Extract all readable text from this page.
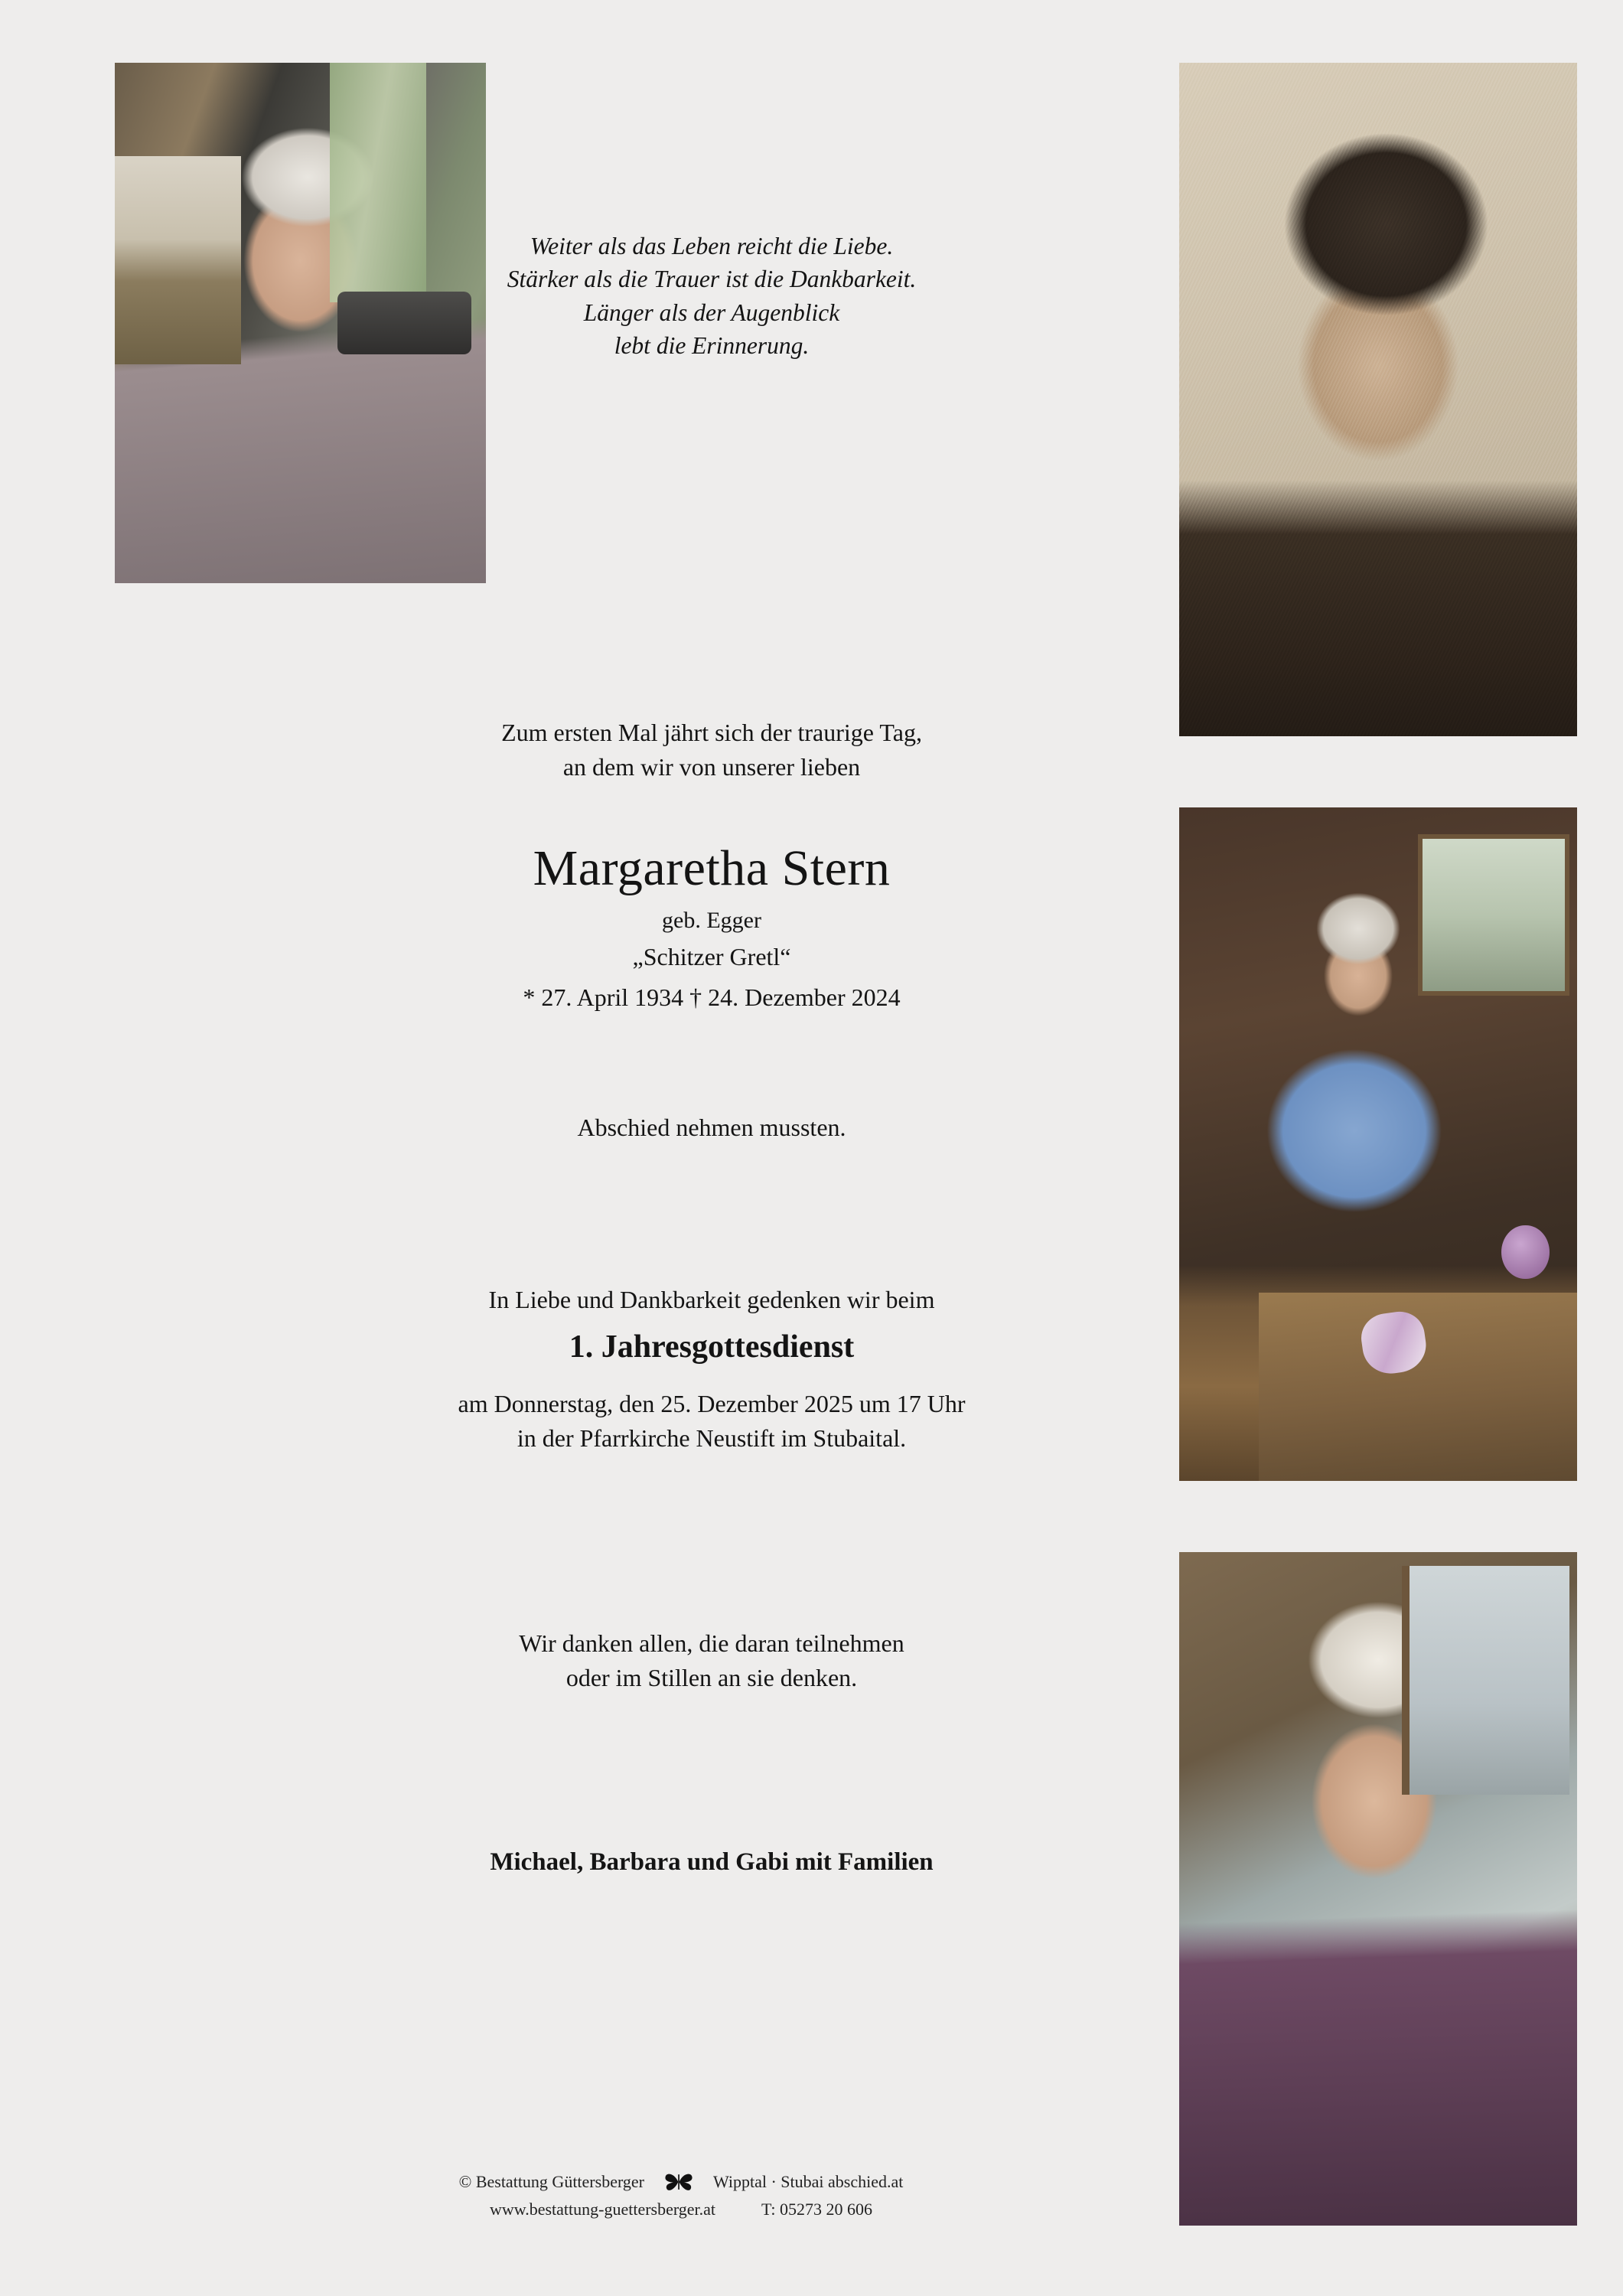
Weiter als das Leben reicht die Liebe.
Stärker als die Trauer ist die Dankbarkeit.
Länger als der Augenblick
lebt die Erinnerung.
Zum ersten Mal jährt sich der traurige Tag,
an dem wir von unserer lieben
Margaretha Stern
geb. Egger
„Schitzer Gretl“
* 27. April 1934 † 24. Dezember 2024
Abschied nehmen mussten.
In Liebe und Dankbarkeit gedenken wir beim
1. Jahresgottesdienst
am Donnerstag, den 25. Dezember 2025 um 17 Uhr
in der Pfarrkirche Neustift im Stubaital.
Wir danken allen, die daran teilnehmen
oder im Stillen an sie denken.
Michael, Barbara und Gabi mit Familien
© Bestattung Güttersberger	Wipptal · Stubai abschied.at
www.bestattung-guettersberger.at	T: 05273 20 606
